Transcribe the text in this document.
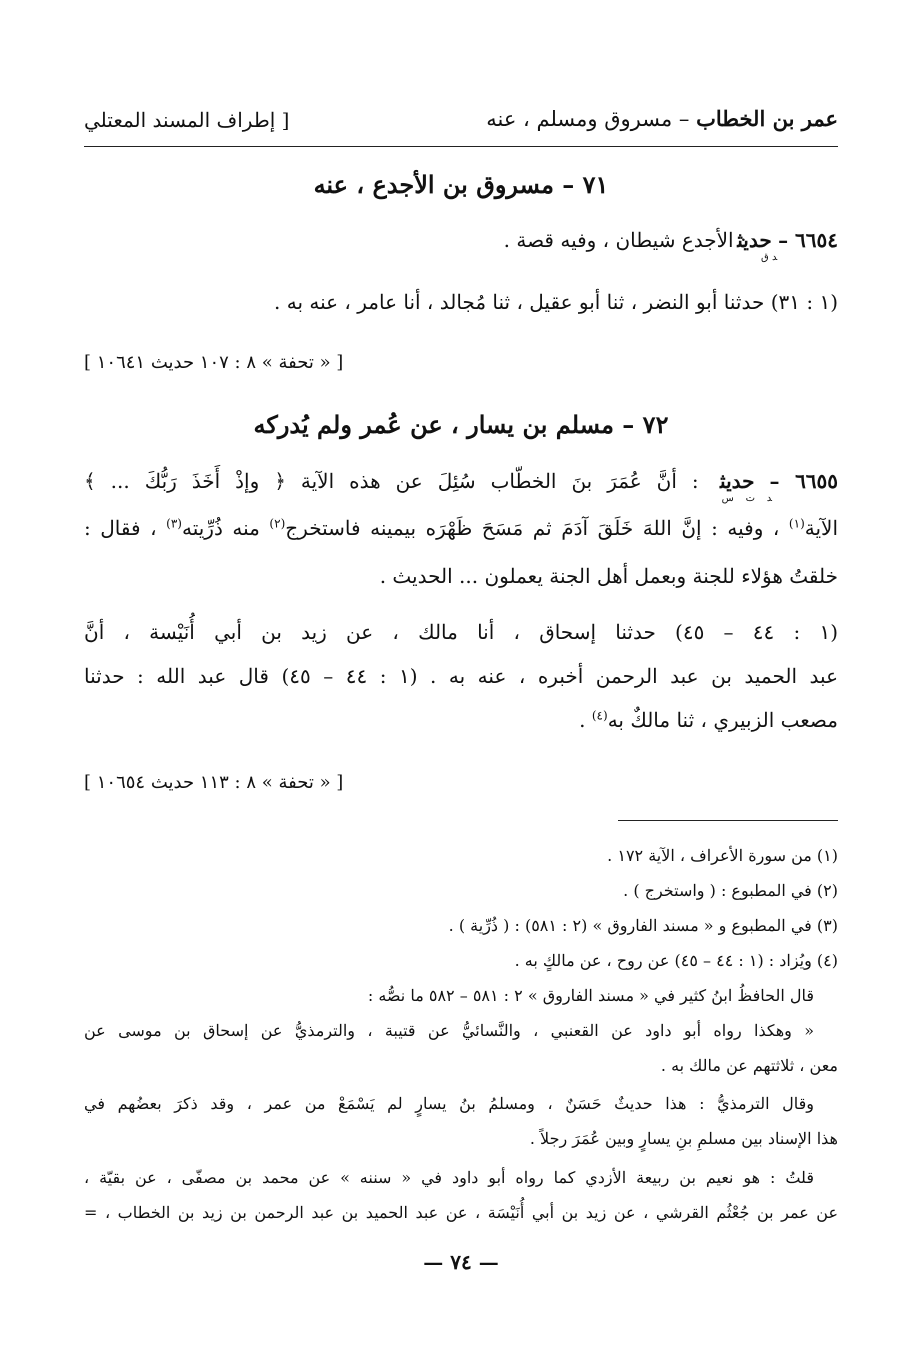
عمر بن الخطاب – مسروق ومسلم ، عنه
[ إطراف المسند المعتلي
٧١ – مسروق بن الأجدع ، عنه
٦٦٥٤ – حديث$_{د ق}$ : الأجدع شيطان ، وفيه قصة .
(١ : ٣١) حدثنا أبو النضر ، ثنا أبو عقيل ، ثنا مُجالد ، أنا عامر ، عنه به .
[ « تحفة » ٨ : ١٠٧ حديث ١٠٦٤١ ]
٧٢ – مسلم بن يسار ، عن عُمر ولم يُدركه
٦٦٥٥ – حديث$_{د ت س}$ : أنَّ عُمَرَ بنَ الخطّاب سُئِلَ عن هذه الآية ﴿ وإذْ أَخَذَ رَبُّكَ ... ﴾
الآية$^{(١)}$ ، وفيه : إنَّ اللهَ خَلَقَ آدَمَ ثم مَسَحَ ظَهْرَه بيمينه فاستخرج$^{(٢)}$ منه ذُرِّيته$^{(٣)}$ ، فقال :
خلقتُ هؤلاء للجنة وبعمل أهل الجنة يعملون ... الحديث .
(١ : ٤٤ – ٤٥) حدثنا إسحاق ، أنا مالك ، عن زيد بن أبي أُنَيْسة ، أنَّ
عبد الحميد بن عبد الرحمن أخبره ، عنه به . (١ : ٤٤ – ٤٥) قال عبد الله : حدثنا
مصعب الزبيري ، ثنا مالكٌ به$^{(٤)}$ .
[ « تحفة » ٨ : ١١٣ حديث ١٠٦٥٤ ]
(١) من سورة الأعراف ، الآية ١٧٢ .
(٢) في المطبوع : ( واستخرج ) .
(٣) في المطبوع و « مسند الفاروق » (٢ : ٥٨١) : ( ذُرِّية ) .
(٤) ويُزاد : (١ : ٤٤ – ٤٥) عن روح ، عن مالكٍ به .
قال الحافظُ ابنُ كثير في « مسند الفاروق » ٢ : ٥٨١ – ٥٨٢ ما نصُّه :
« وهكذا رواه أبو داود عن القعنبي ، والنَّسائيُّ عن قتيبة ، والترمذيُّ عن إسحاق بن موسى عن
معن ، ثلاثتهم عن مالك به .
وقال الترمذيُّ : هذا حديثٌ حَسَنٌ ، ومسلمُ بنُ يسارٍ لم يَسْمَعْ من عمر ، وقد ذكرَ بعضُهم في
هذا الإسناد بين مسلمِ بنِ يسارٍ وبين عُمَرَ رجلاً .
قلتُ : هو نعيم بن ربيعة الأزدي كما رواه أبو داود في « سننه » عن محمد بن مصفّى ، عن بقيّة ،
عن عمر بن جُعْثُم القرشي ، عن زيد بن أبي أُنَيْسَة ، عن عبد الحميد بن عبد الرحمن بن زيد بن الخطاب ، =
— ٧٤ —
